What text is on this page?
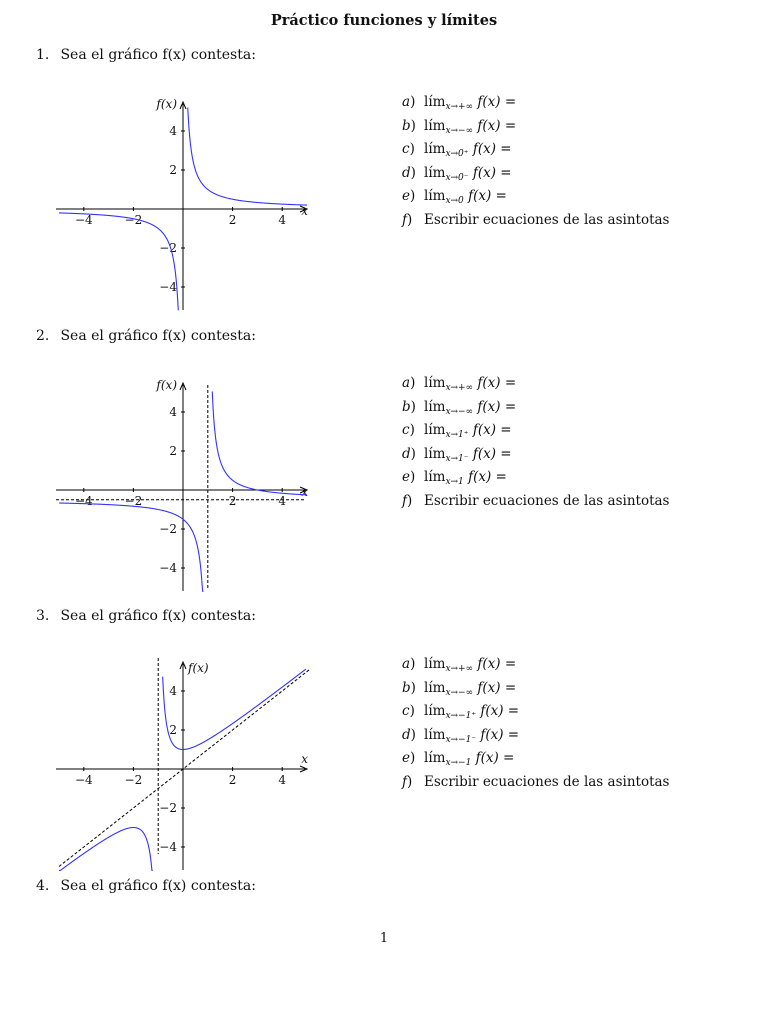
Práctico funciones y límites
1. Sea el gráfico f(x) contesta:
−4	−2	2	4
4
2
−2
−4
x
f(x)	a) lím$_{x\to+\infty}$ f(x) =
b) lím$_{x\to-\infty}$ f(x) =
c) lím$_{x\to 0^+}$ f(x) =
d) lím$_{x\to 0^-}$ f(x) =
e) lím$_{x\to 0}$ f(x) =
f) Escribir ecuaciones de las asintotas
2. Sea el gráfico f(x) contesta:
−4	−2	2	4
4
2
−2
−4
x
f(x)	a) lím$_{x\to+\infty}$ f(x) =
b) lím$_{x\to-\infty}$ f(x) =
c) lím$_{x\to 1^+}$ f(x) =
d) lím$_{x\to 1^-}$ f(x) =
e) lím$_{x\to 1}$ f(x) =
f) Escribir ecuaciones de las asintotas
3. Sea el gráfico f(x) contesta:
−4	−2	2	4
4
2
−2
−4
x
f(x)	a) lím$_{x\to+\infty}$ f(x) =
b) lím$_{x\to-\infty}$ f(x) =
c) lím$_{x\to-1^+}$ f(x) =
d) lím$_{x\to-1^-}$ f(x) =
e) lím$_{x\to-1}$ f(x) =
f) Escribir ecuaciones de las asintotas
4. Sea el gráfico f(x) contesta:
1
